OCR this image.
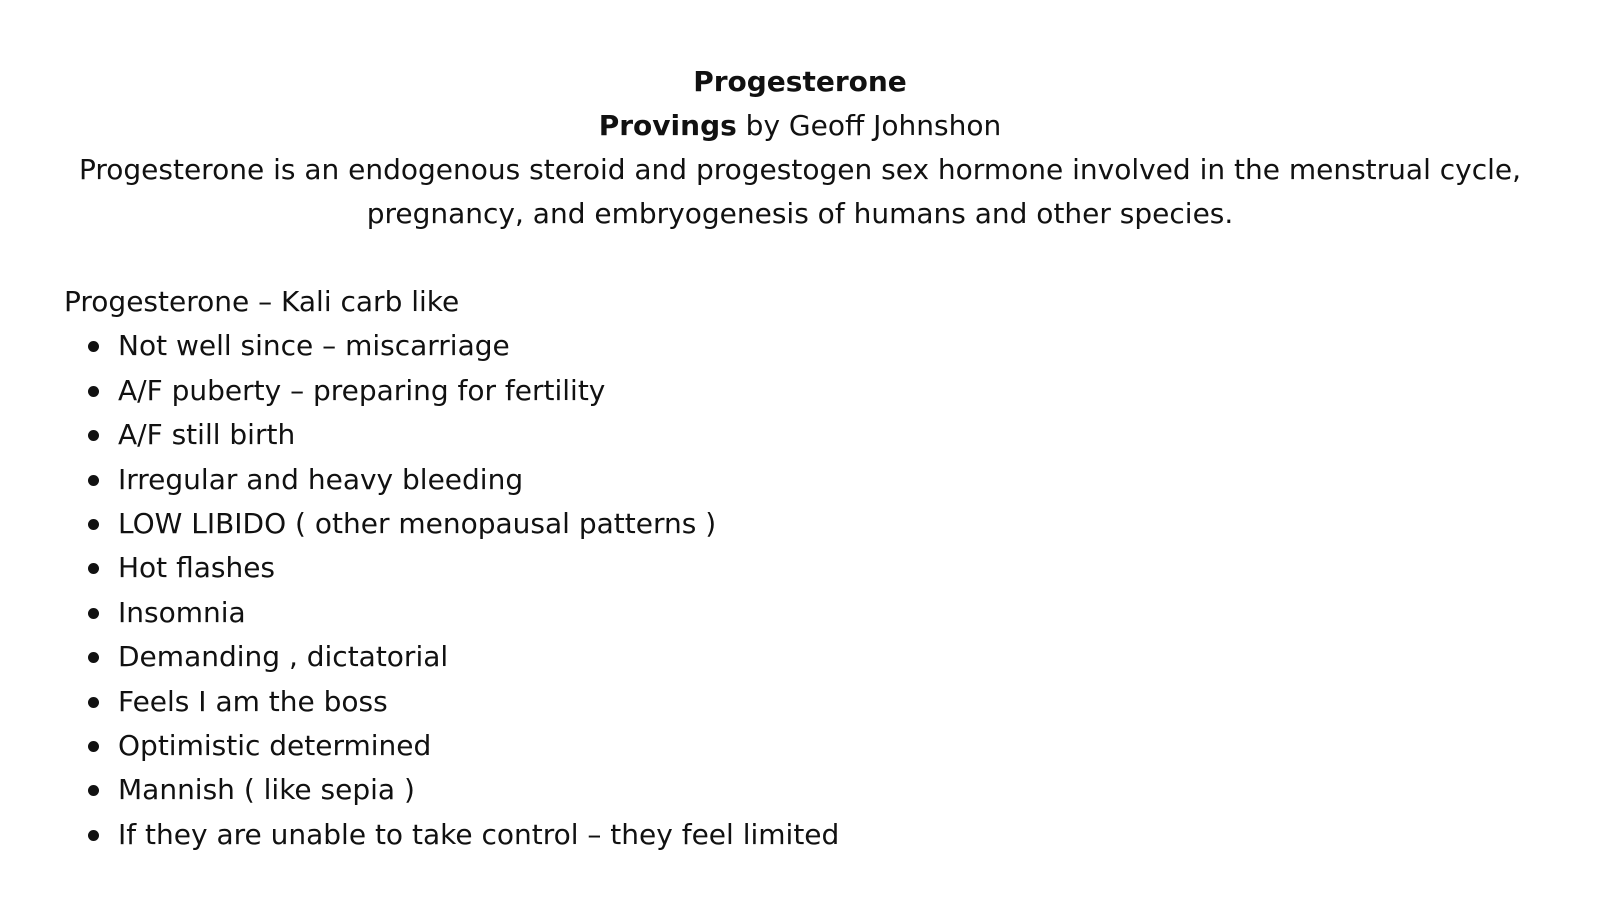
Progesterone

Provings by Geoff Johnshon

Progesterone is an endogenous steroid and progestogen sex hormone involved in the menstrual cycle, pregnancy, and embryogenesis of humans and other species.

Progesterone – Kali carb like

Not well since – miscarriage
A/F puberty – preparing for fertility
A/F still birth
Irregular and heavy bleeding
LOW LIBIDO ( other menopausal patterns )
Hot flashes
Insomnia
Demanding , dictatorial
Feels I am the boss
Optimistic determined
Mannish ( like sepia )
If they are unable to take control – they feel limited
